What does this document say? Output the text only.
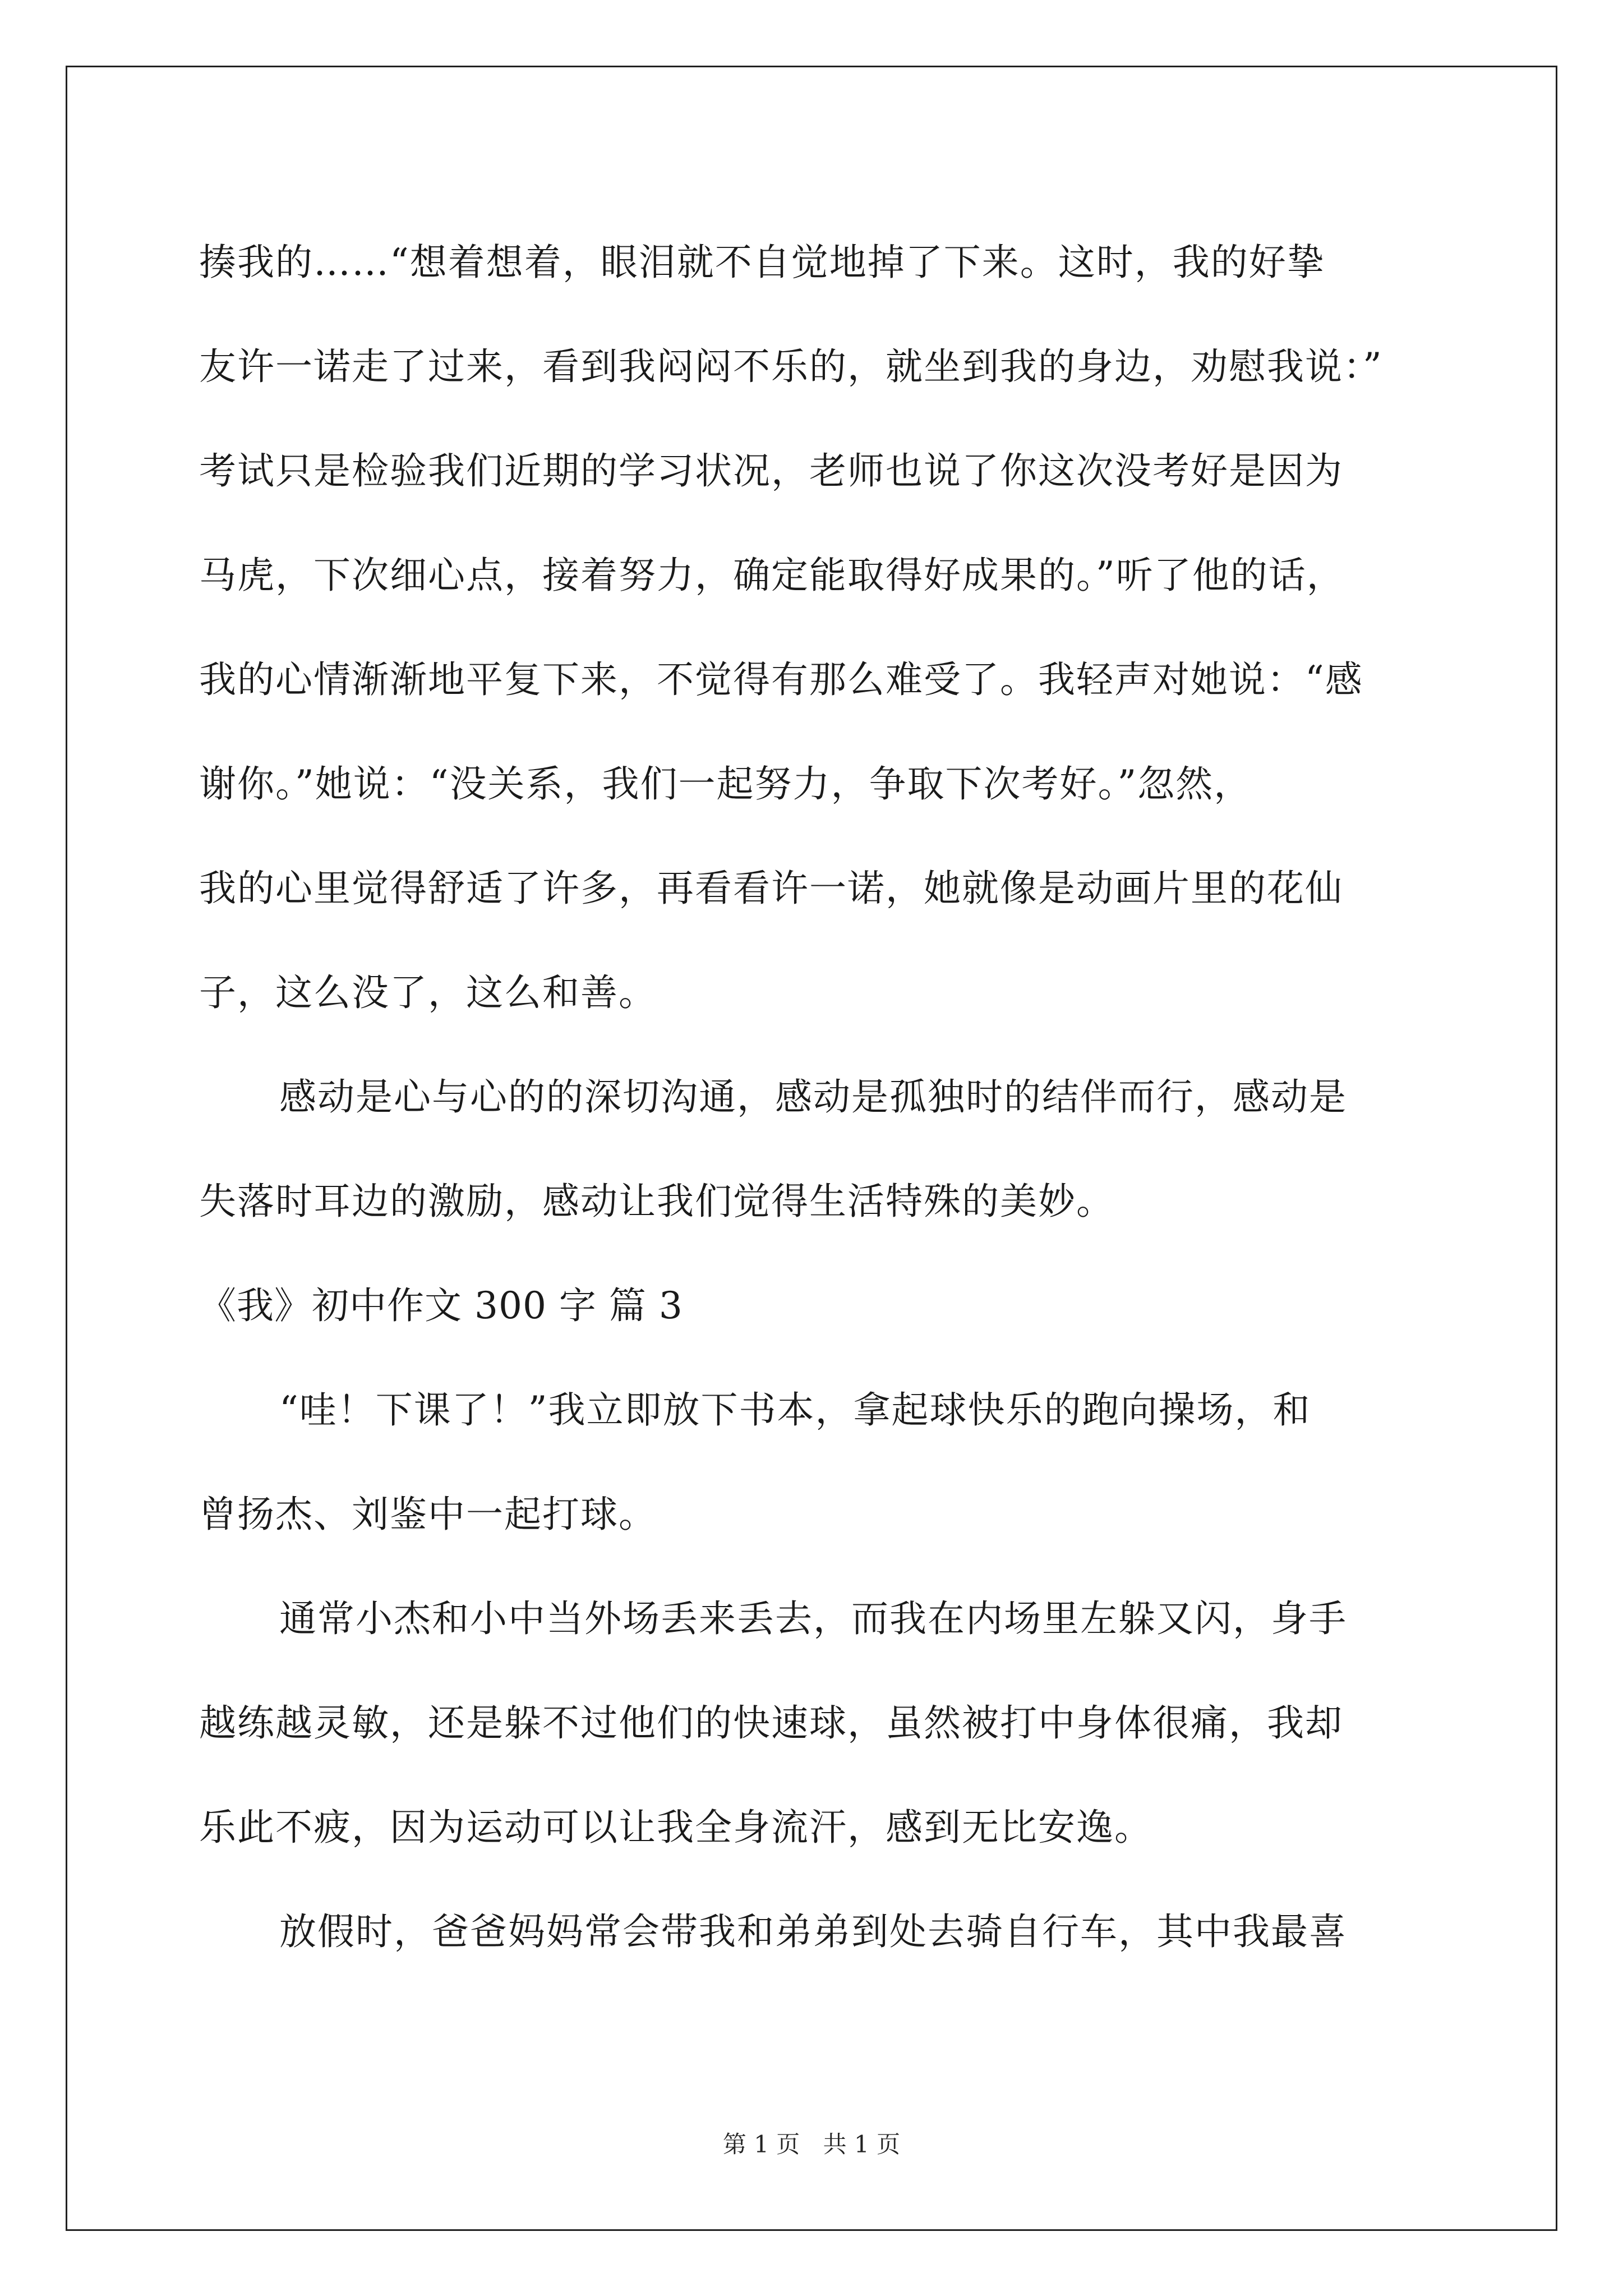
揍我的……“想着想着，眼泪就不自觉地掉了下来。这时，我的好挚
友许一诺走了过来，看到我闷闷不乐的，就坐到我的身边，劝慰我说：”
考试只是检验我们近期的学习状况，老师也说了你这次没考好是因为
马虎，下次细心点，接着努力，确定能取得好成果的。”听了他的话，
我的心情渐渐地平复下来，不觉得有那么难受了。我轻声对她说：“感
谢你。”她说：“没关系，我们一起努力，争取下次考好。”忽然，
我的心里觉得舒适了许多，再看看许一诺，她就像是动画片里的花仙
子，这么没了，这么和善。
感动是心与心的的深切沟通，感动是孤独时的结伴而行，感动是
失落时耳边的激励，感动让我们觉得生活特殊的美妙。
《我》初中作文 300 字 篇 3
“哇！下课了！”我立即放下书本，拿起球快乐的跑向操场，和
曾扬杰、刘鉴中一起打球。
通常小杰和小中当外场丢来丢去，而我在内场里左躲又闪，身手
越练越灵敏，还是躲不过他们的快速球，虽然被打中身体很痛，我却
乐此不疲，因为运动可以让我全身流汗，感到无比安逸。
放假时，爸爸妈妈常会带我和弟弟到处去骑自行车，其中我最喜
第 1 页 共 1 页
